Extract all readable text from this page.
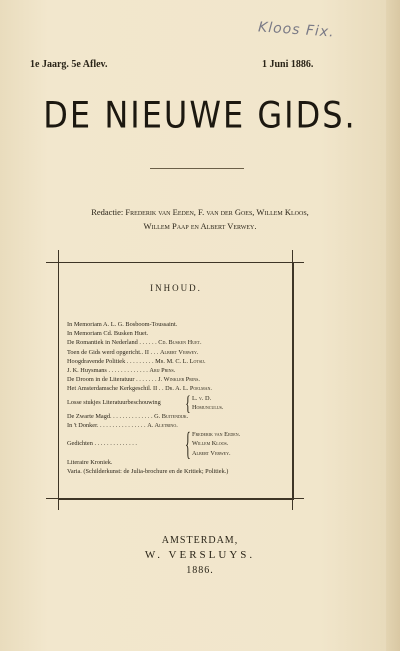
Kloos Fix.
1e Jaarg. 5e Aflev.	1 Juni 1886.
DE NIEUWE GIDS.
Redactie: Frederik van Eeden, F. van der Goes, Willem Kloos,
Willem Paap en Albert Verwey.
INHOUD.
In Memoriam A. L. G. Bosboom-Toussaint.
In Memoriam Cd. Busken Huet.
De Romantiek in Nederland . . . . . . Cd. Busken Huet.
Toen de Gids werd opgericht.. II . . . Albert Verwey.
Hoogdravende Politiek . . . . . . . . . Mr. M. C. L. Lotsij.
J. K. Huysmans . . . . . . . . . . . . . Arij Prins.
De Droom in de Literatuur . . . . . . . J. Winkler Prins.
Het Amsterdamsche Kerkgeschil. II . . Dr. A. L. Poelman.
Losse stukjes Literatuurbeschouwing { L. v. D.
Homunculus.
De Zwarte Magd. . . . . . . . . . . . . . G. Buitendijk.
In 't Donker. . . . . . . . . . . . . . . . A. Aletrino.
Gedichten . . . . . . . . . . . . . .	{ Frederik van Eeden.
Willem Kloos.
Albert Verwey.
Literaire Kroniek.
Varia. (Schilderkunst: de Julia-brochure en de Kritiek; Politiek.)
AMSTERDAM,
W. VERSLUYS.
1886.
